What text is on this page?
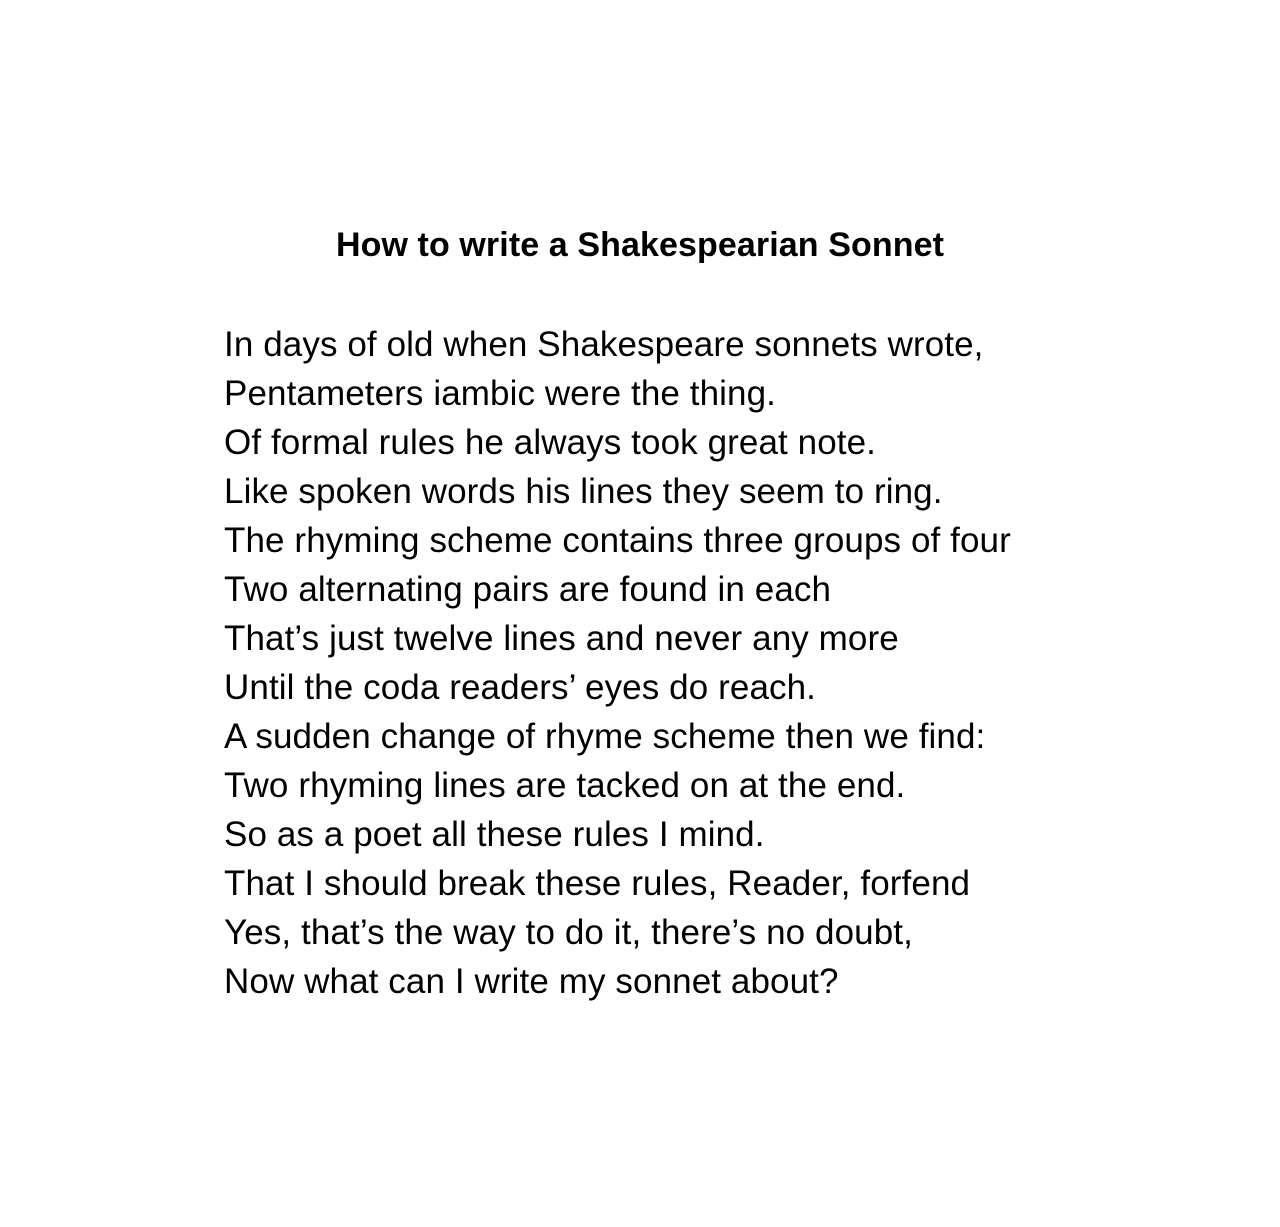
How to write a Shakespearian Sonnet
In days of old when Shakespeare sonnets wrote,
Pentameters iambic were the thing.
Of formal rules he always took great note.
Like spoken words his lines they seem to ring.
The rhyming scheme contains three groups of four
Two alternating pairs are found in each
That’s just twelve lines and never any more
Until the coda readers’ eyes do reach.
A sudden change of rhyme scheme then we find:
Two rhyming lines are tacked on at the end.
So as a poet all these rules I mind.
That I should break these rules, Reader, forfend
Yes, that’s the way to do it, there’s no doubt,
Now what can I write my sonnet about?
